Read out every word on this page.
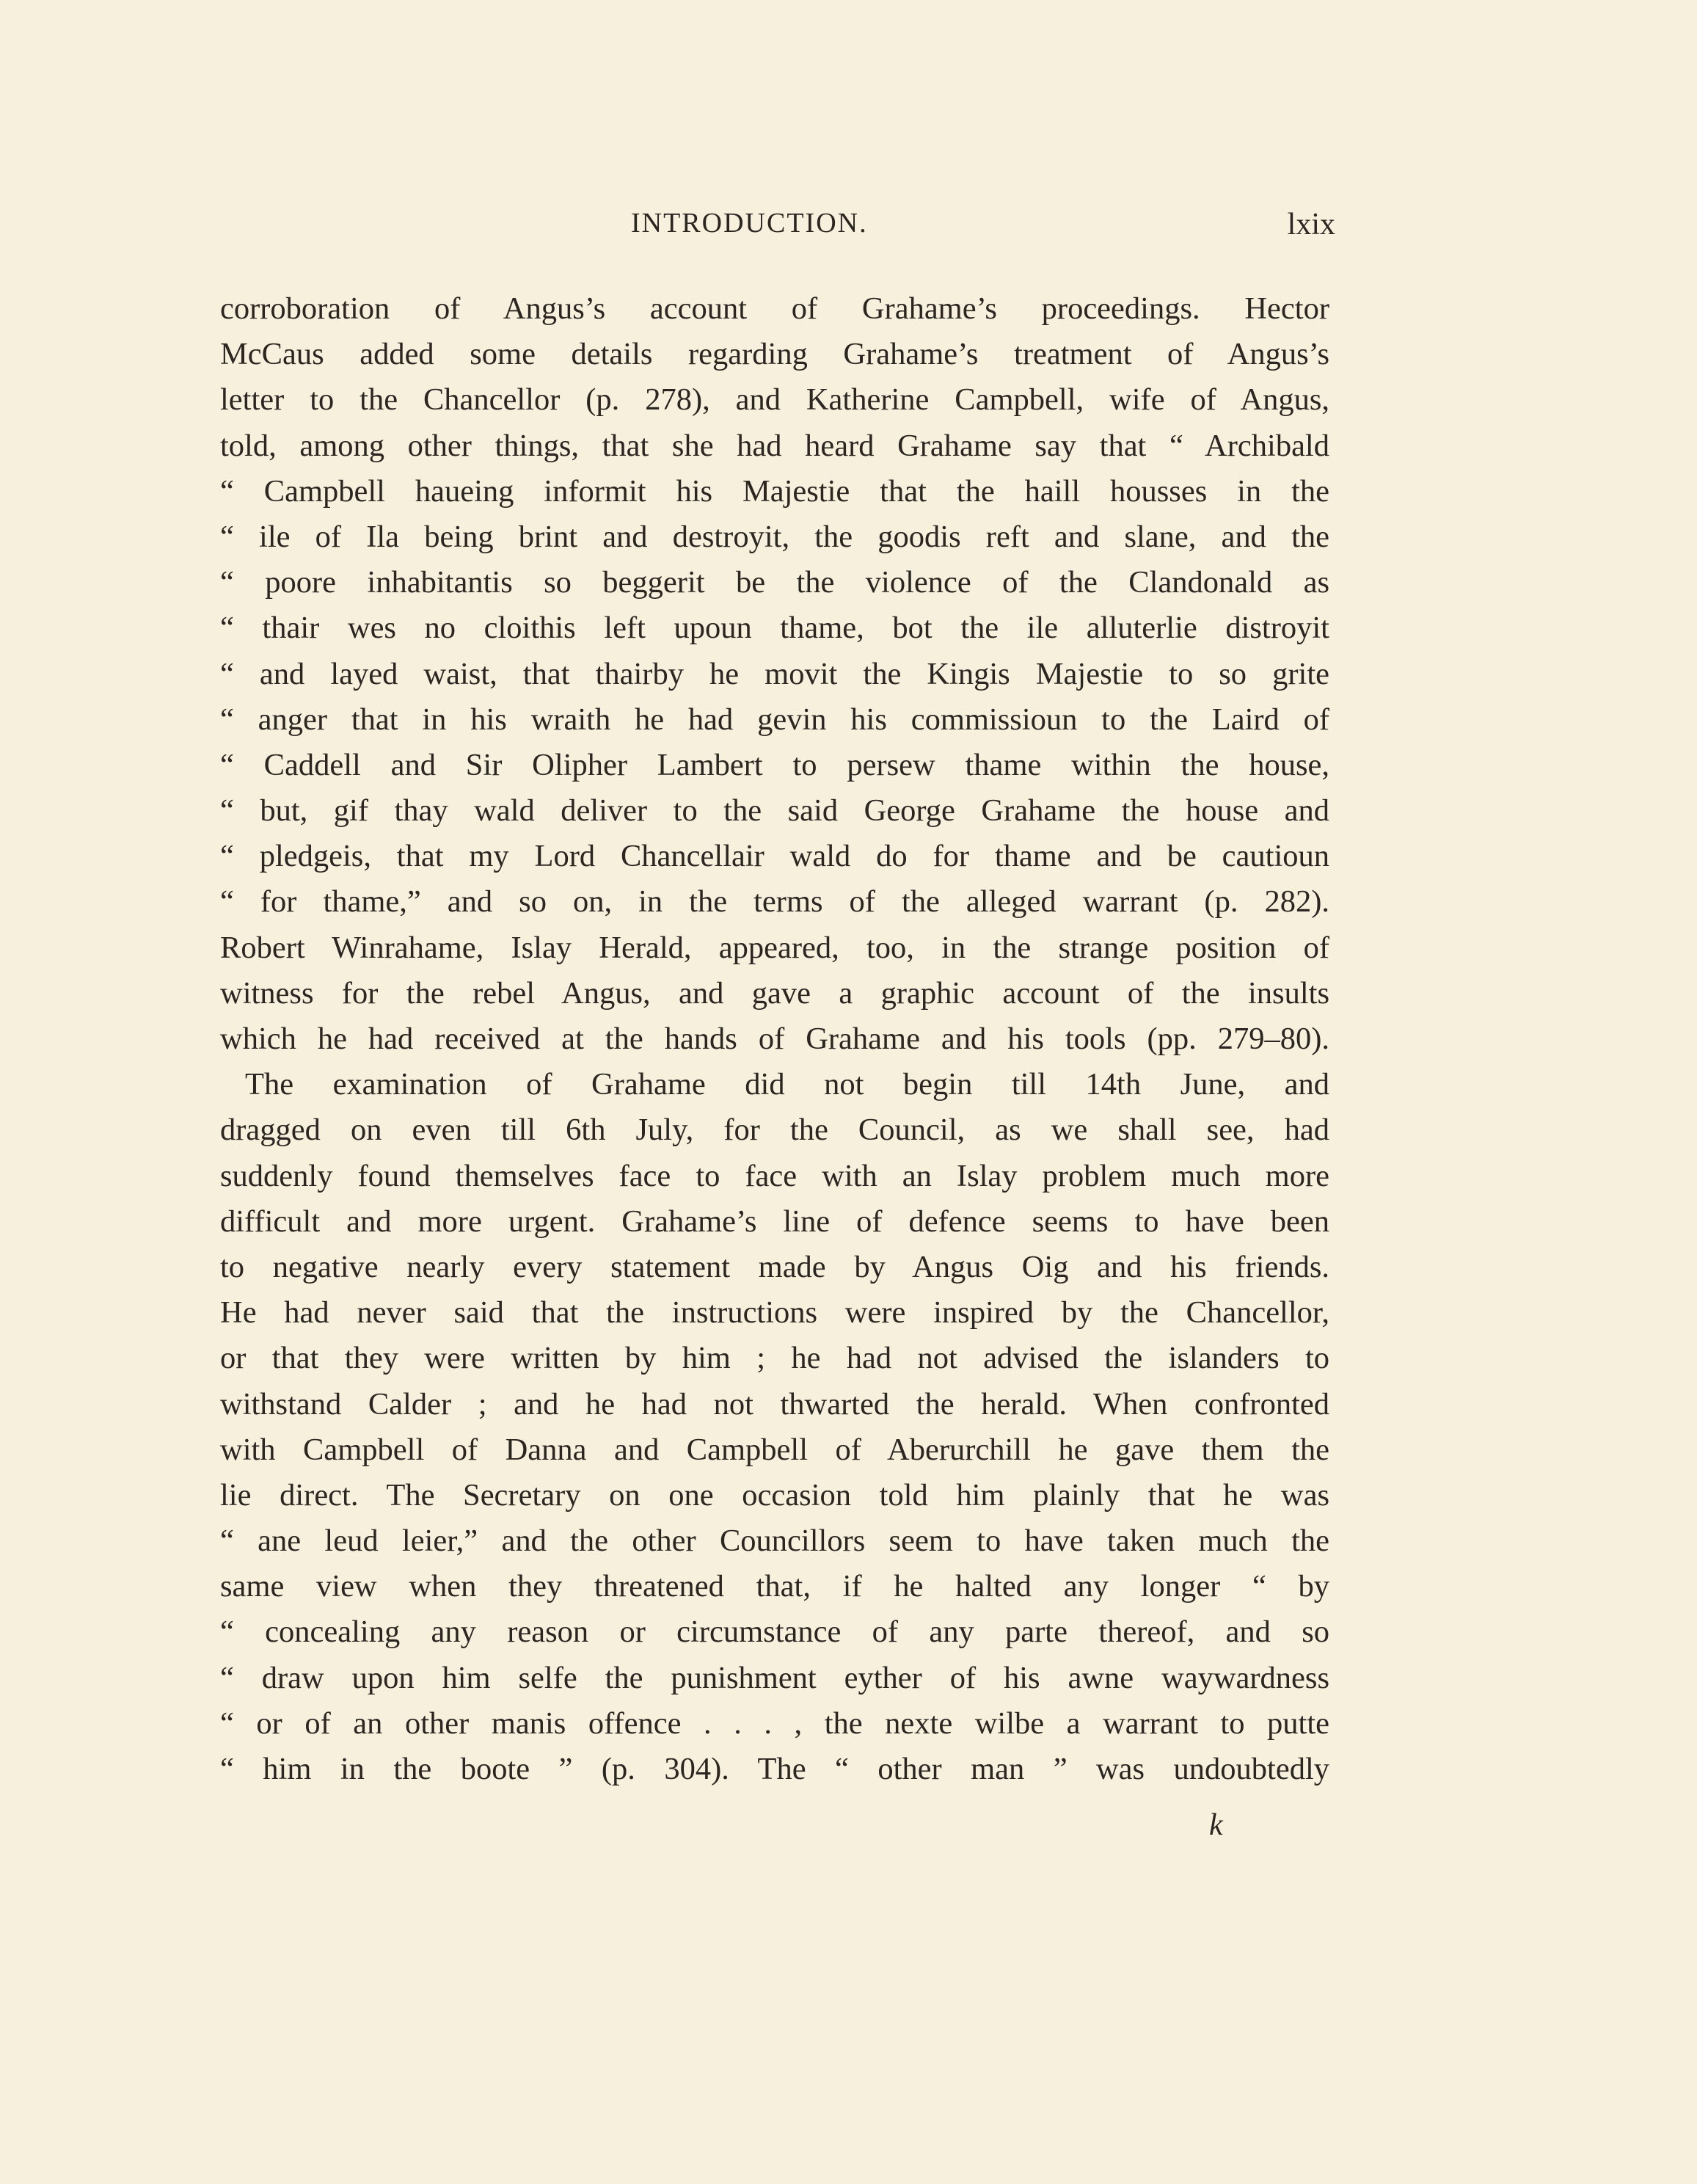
INTRODUCTION.	lxix
corroboration of Angus’s account of Grahame’s proceedings. Hector
McCaus added some details regarding Grahame’s treatment of Angus’s
letter to the Chancellor (p. 278), and Katherine Campbell, wife of Angus,
told, among other things, that she had heard Grahame say that “ Archibald
“ Campbell haueing informit his Majestie that the haill housses in the
“ ile of Ila being brint and destroyit, the goodis reft and slane, and the
“ poore inhabitantis so beggerit be the violence of the Clandonald as
“ thair wes no cloithis left upoun thame, bot the ile alluterlie distroyit
“ and layed waist, that thairby he movit the Kingis Majestie to so grite
“ anger that in his wraith he had gevin his commissioun to the Laird of
“ Caddell and Sir Olipher Lambert to persew thame within the house,
“ but, gif thay wald deliver to the said George Grahame the house and
“ pledgeis, that my Lord Chancellair wald do for thame and be cautioun
“ for thame,” and so on, in the terms of the alleged warrant (p. 282).
Robert Winrahame, Islay Herald, appeared, too, in the strange position of
witness for the rebel Angus, and gave a graphic account of the insults
which he had received at the hands of Grahame and his tools (pp. 279–80).
The examination of Grahame did not begin till 14th June, and
dragged on even till 6th July, for the Council, as we shall see, had
suddenly found themselves face to face with an Islay problem much more
difficult and more urgent. Grahame’s line of defence seems to have been
to negative nearly every statement made by Angus Oig and his friends.
He had never said that the instructions were inspired by the Chancellor,
or that they were written by him ; he had not advised the islanders to
withstand Calder ; and he had not thwarted the herald. When confronted
with Campbell of Danna and Campbell of Aberurchill he gave them the
lie direct. The Secretary on one occasion told him plainly that he was
“ ane leud leier,” and the other Councillors seem to have taken much the
same view when they threatened that, if he halted any longer “ by
“ concealing any reason or circumstance of any parte thereof, and so
“ draw upon him selfe the punishment eyther of his awne waywardness
“ or of an other manis offence . . . , the nexte wilbe a warrant to putte
“ him in the boote ” (p. 304). The “ other man ” was undoubtedly
k
